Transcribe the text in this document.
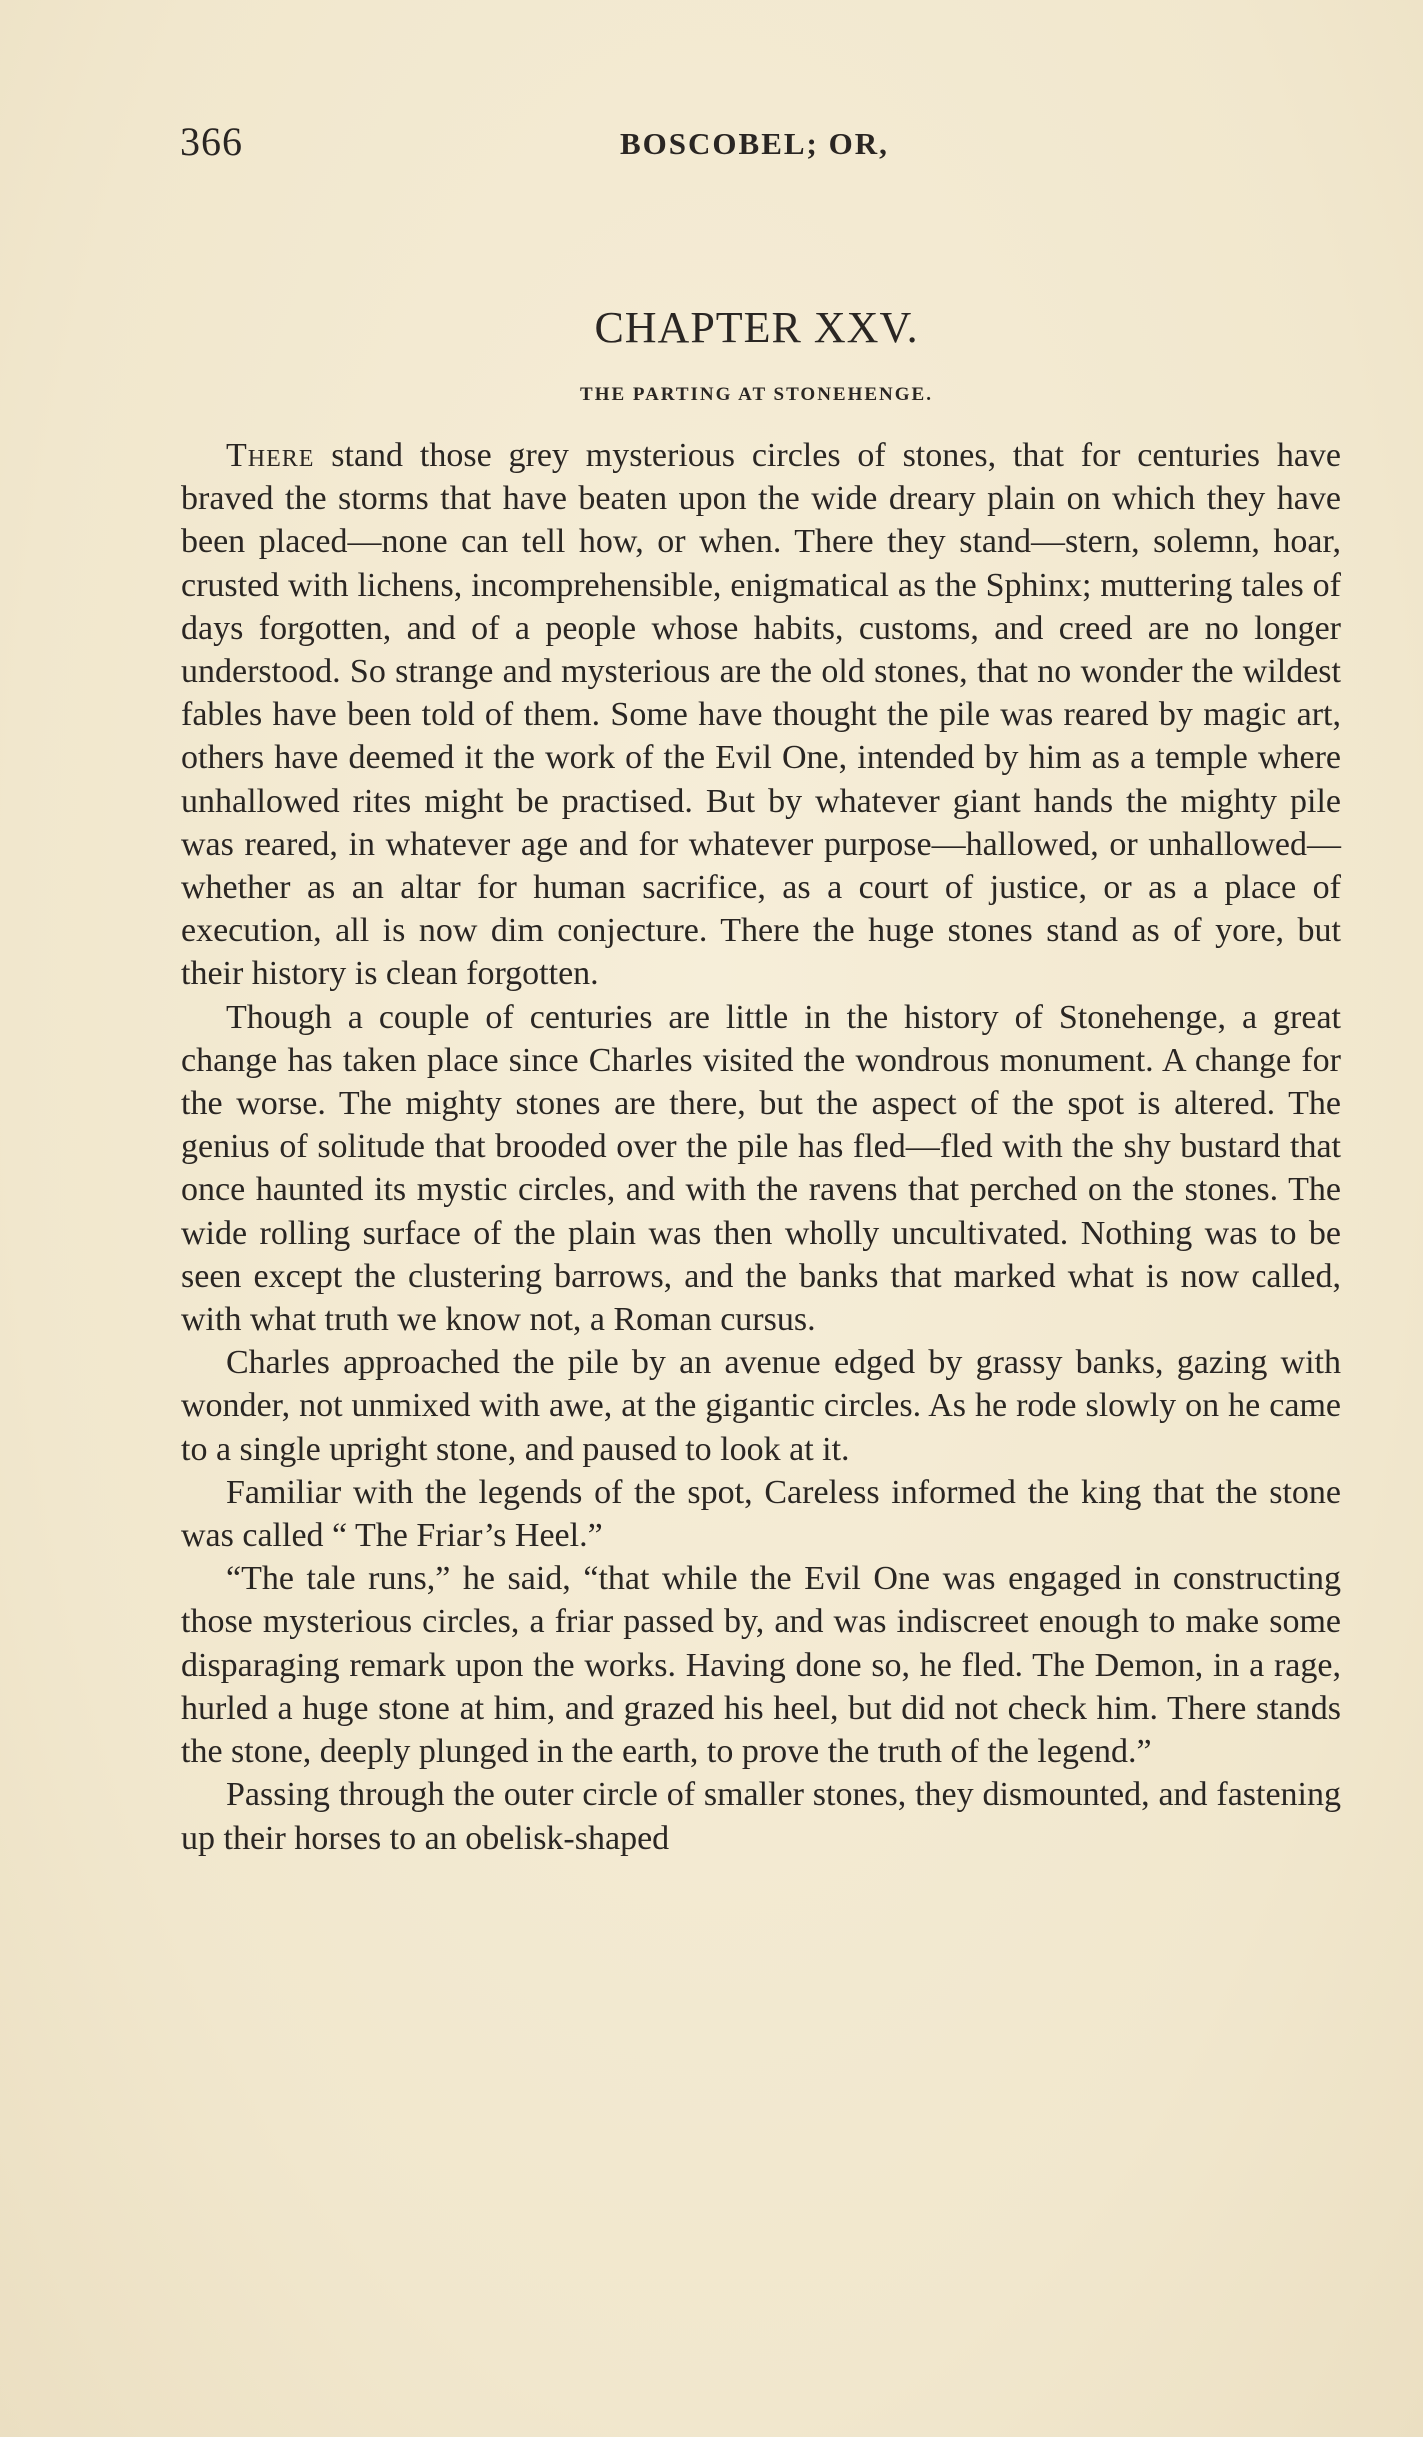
366	BOSCOBEL; OR,
CHAPTER XXV.
THE PARTING AT STONEHENGE.

There stand those grey mysterious circles of stones, that for centuries have braved the storms that have beaten upon the wide dreary plain on which they have been placed—none can tell how, or when. There they stand—stern, solemn, hoar, crusted with lichens, incomprehensible, enigmatical as the Sphinx; muttering tales of days forgotten, and of a people whose habits, customs, and creed are no longer understood. So strange and mysterious are the old stones, that no wonder the wildest fables have been told of them. Some have thought the pile was reared by magic art, others have deemed it the work of the Evil One, intended by him as a temple where unhallowed rites might be practised. But by whatever giant hands the mighty pile was reared, in whatever age and for whatever purpose—hallowed, or unhallowed—whether as an altar for human sacrifice, as a court of justice, or as a place of execution, all is now dim conjecture. There the huge stones stand as of yore, but their history is clean forgotten.

Though a couple of centuries are little in the history of Stonehenge, a great change has taken place since Charles visited the wondrous monument. A change for the worse. The mighty stones are there, but the aspect of the spot is altered. The genius of solitude that brooded over the pile has fled—fled with the shy bustard that once haunted its mystic circles, and with the ravens that perched on the stones. The wide rolling surface of the plain was then wholly uncultivated. Nothing was to be seen except the clustering barrows, and the banks that marked what is now called, with what truth we know not, a Roman cursus.

Charles approached the pile by an avenue edged by grassy banks, gazing with wonder, not unmixed with awe, at the gigantic circles. As he rode slowly on he came to a single upright stone, and paused to look at it.

Familiar with the legends of the spot, Careless informed the king that the stone was called “ The Friar’s Heel.”

“The tale runs,” he said, “that while the Evil One was engaged in constructing those mysterious circles, a friar passed by, and was indiscreet enough to make some disparaging remark upon the works. Having done so, he fled. The Demon, in a rage, hurled a huge stone at him, and grazed his heel, but did not check him. There stands the stone, deeply plunged in the earth, to prove the truth of the legend.”

Passing through the outer circle of smaller stones, they dismounted, and fastening up their horses to an obelisk-shaped
